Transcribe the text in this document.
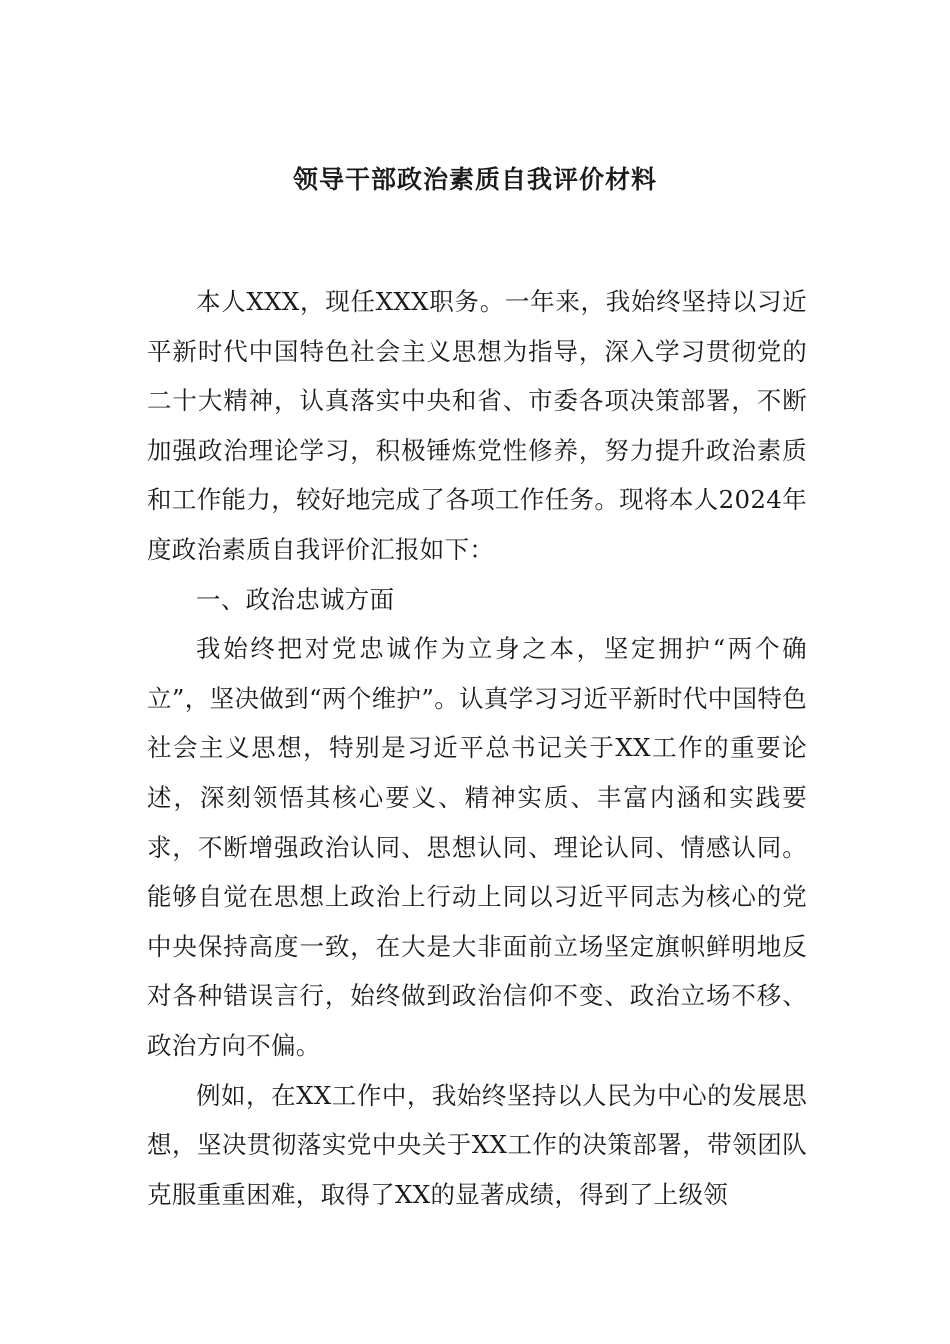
领导干部政治素质自我评价材料

本人XXX，现任XXX职务。一年来，我始终坚持以习近平新时代中国特色社会主义思想为指导，深入学习贯彻党的二十大精神，认真落实中央和省、市委各项决策部署，不断加强政治理论学习，积极锤炼党性修养，努力提升政治素质和工作能力，较好地完成了各项工作任务。现将本人2024年度政治素质自我评价汇报如下：

一、政治忠诚方面

我始终把对党忠诚作为立身之本，坚定拥护“两个确立”，坚决做到“两个维护”。认真学习习近平新时代中国特色社会主义思想，特别是习近平总书记关于XX工作的重要论述，深刻领悟其核心要义、精神实质、丰富内涵和实践要求，不断增强政治认同、思想认同、理论认同、情感认同。能够自觉在思想上政治上行动上同以习近平同志为核心的党中央保持高度一致，在大是大非面前立场坚定旗帜鲜明地反对各种错误言行，始终做到政治信仰不变、政治立场不移、政治方向不偏。

例如，在XX工作中，我始终坚持以人民为中心的发展思想，坚决贯彻落实党中央关于XX工作的决策部署，带领团队克服重重困难，取得了XX的显著成绩，得到了上级领
